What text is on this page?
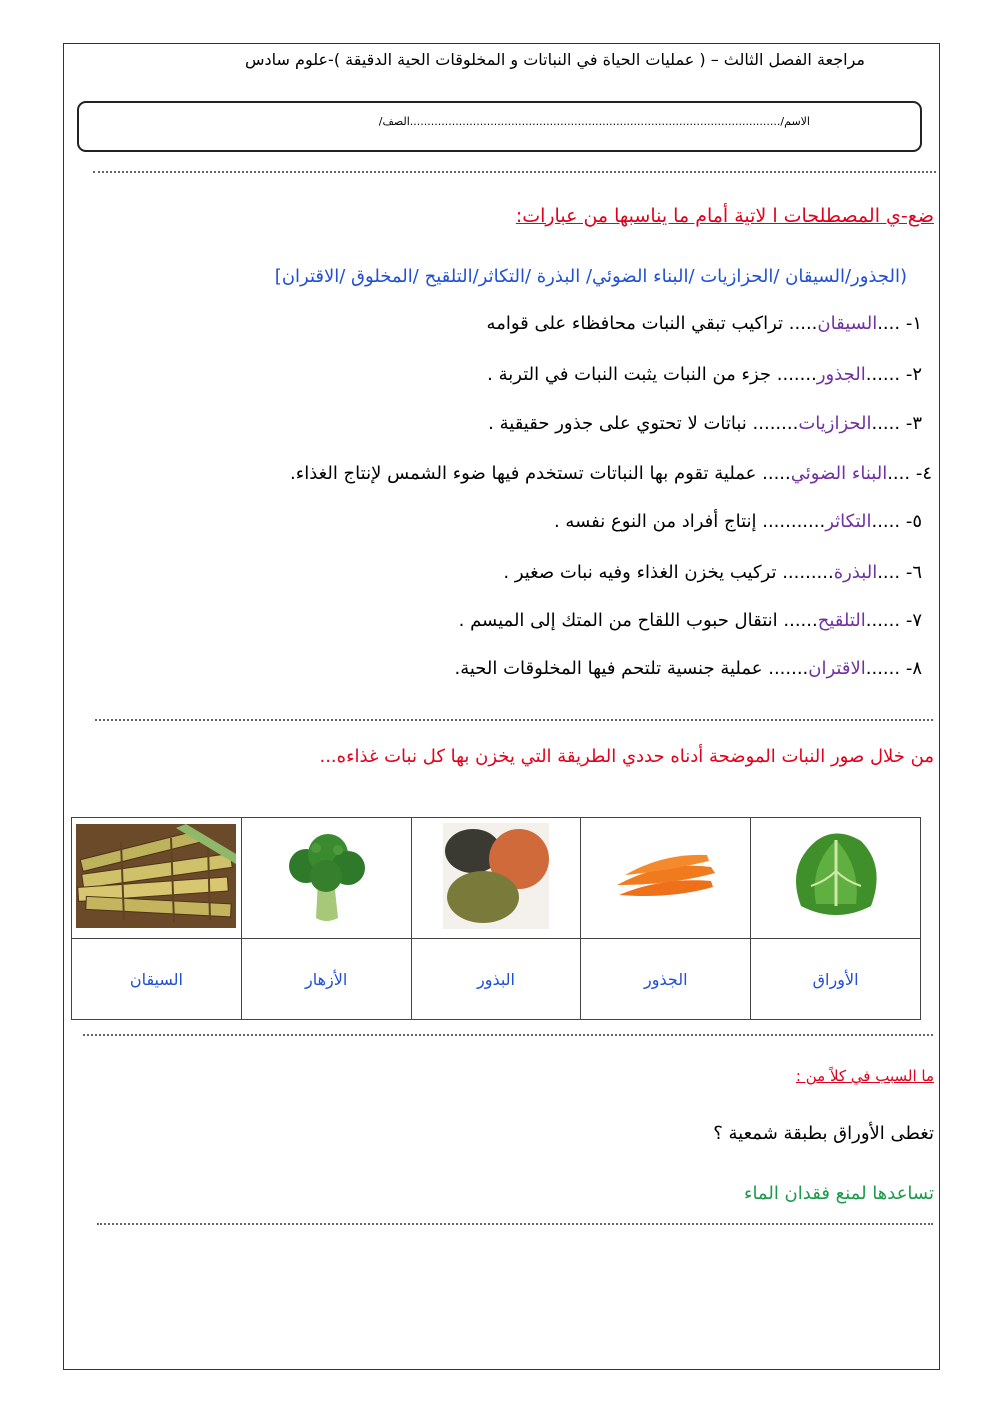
مراجعة الفصل الثالث – ( عمليات الحياة في النباتات و المخلوقات الحية الدقيقة )-علوم سادس
الاسم/..........................................................................................................الصف/
ضع-ي المصطلحات ا لاتية أمام ما يناسبها من عبارات:
(الجذور/السيقان /الحزازيات /البناء الضوئي/ البذرة /التكاثر/التلقيح /المخلوق /الاقتران]
١- ....السيقان..... تراكيب تبقي النبات محافظاء على قوامه
٢- ......الجذور....... جزء من النبات يثبت النبات في التربة .
٣- .....الحزازيات........ نباتات لا تحتوي على جذور حقيقية .
٤- ....البناء الضوئي..... عملية تقوم بها النباتات تستخدم فيها ضوء الشمس لإنتاج الغذاء.
٥- .....التكاثر........... إنتاج أفراد من النوع نفسه .
٦- ....البذرة......... تركيب يخزن الغذاء وفيه نبات صغير .
٧- ......التلقيح...... انتقال حبوب اللقاح من المتك إلى الميسم .
٨- ......الاقتران....... عملية جنسية تلتحم فيها المخلوقات الحية.
من خلال صور النبات الموضحة أدناه حددي الطريقة التي يخزن بها كل نبات غذاءه...

السيقان	الأزهار	البذور	الجذور	الأوراق
ما السبب في كلاً من :
تغطى الأوراق بطبقة شمعية ؟
تساعدها لمنع فقدان الماء
